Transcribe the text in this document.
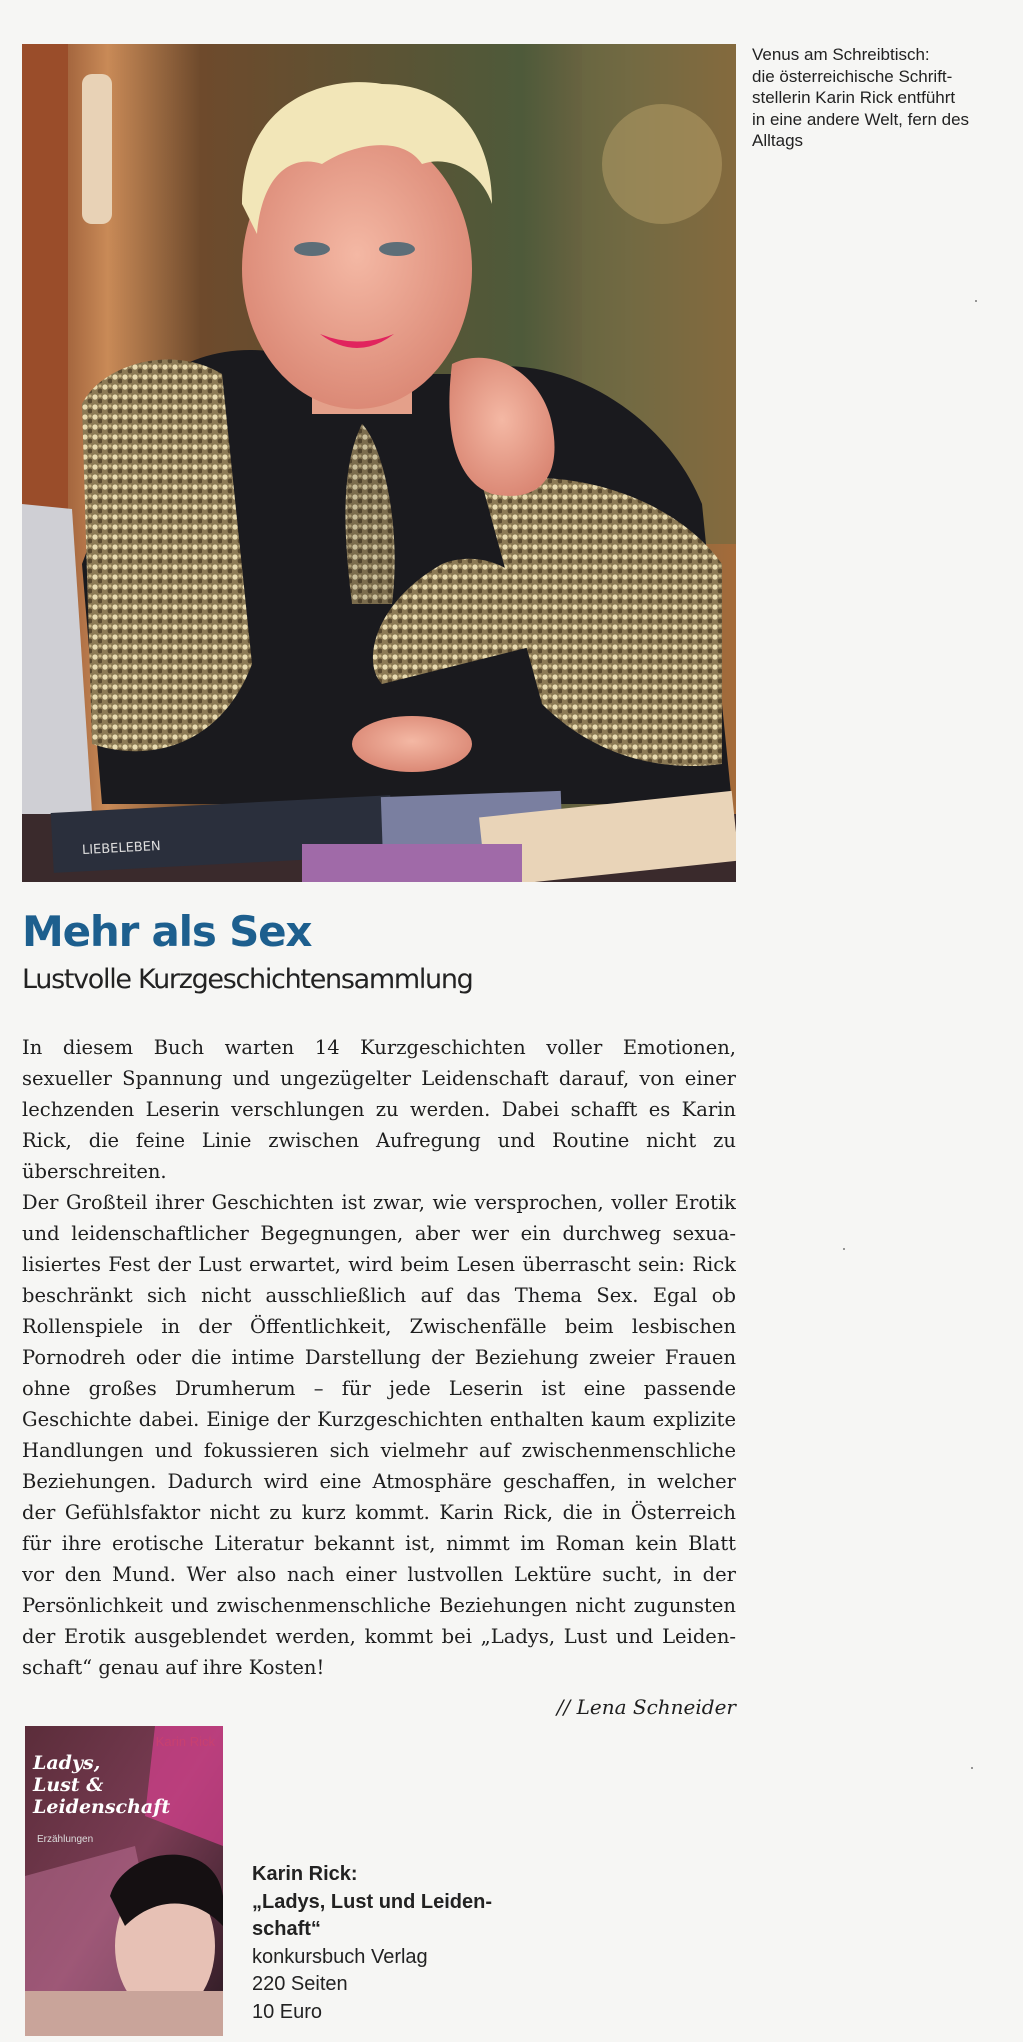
LIEBELEBEN
Venus am Schreibtisch:
die österreichische Schrift-
stellerin Karin Rick entführt
in eine andere Welt, fern des
Alltags
Mehr als Sex
Lustvolle Kurzgeschichtensammlung
In diesem Buch warten 14 Kurzgeschichten voller Emotionen,
sexueller Spannung und ungezügelter Leidenschaft darauf, von einer
lechzenden Leserin verschlungen zu werden. Dabei schafft es Karin
Rick, die feine Linie zwischen Aufregung und Routine nicht zu
überschreiten.
Der Großteil ihrer Geschichten ist zwar, wie versprochen, voller Erotik
und leidenschaftlicher Begegnungen, aber wer ein durchweg sexua-
lisiertes Fest der Lust erwartet, wird beim Lesen überrascht sein: Rick
beschränkt sich nicht ausschließlich auf das Thema Sex. Egal ob
Rollenspiele in der Öffentlichkeit, Zwischenfälle beim lesbischen
Pornodreh oder die intime Darstellung der Beziehung zweier Frauen
ohne großes Drumherum – für jede Leserin ist eine passende
Geschichte dabei. Einige der Kurzgeschichten enthalten kaum explizite
Handlungen und fokussieren sich vielmehr auf zwischenmenschliche
Beziehungen. Dadurch wird eine Atmosphäre geschaffen, in welcher
der Gefühlsfaktor nicht zu kurz kommt. Karin Rick, die in Österreich
für ihre erotische Literatur bekannt ist, nimmt im Roman kein Blatt
vor den Mund. Wer also nach einer lustvollen Lektüre sucht, in der
Persönlichkeit und zwischenmenschliche Beziehungen nicht zugunsten
der Erotik ausgeblendet werden, kommt bei „Ladys, Lust und Leiden-
schaft“ genau auf ihre Kosten!
// Lena Schneider
Karin Rick
Ladys,
Lust &
Leidenschaft
Erzählungen
Karin Rick:
„Ladys, Lust und Leiden-
schaft“
konkursbuch Verlag
220 Seiten
10 Euro
